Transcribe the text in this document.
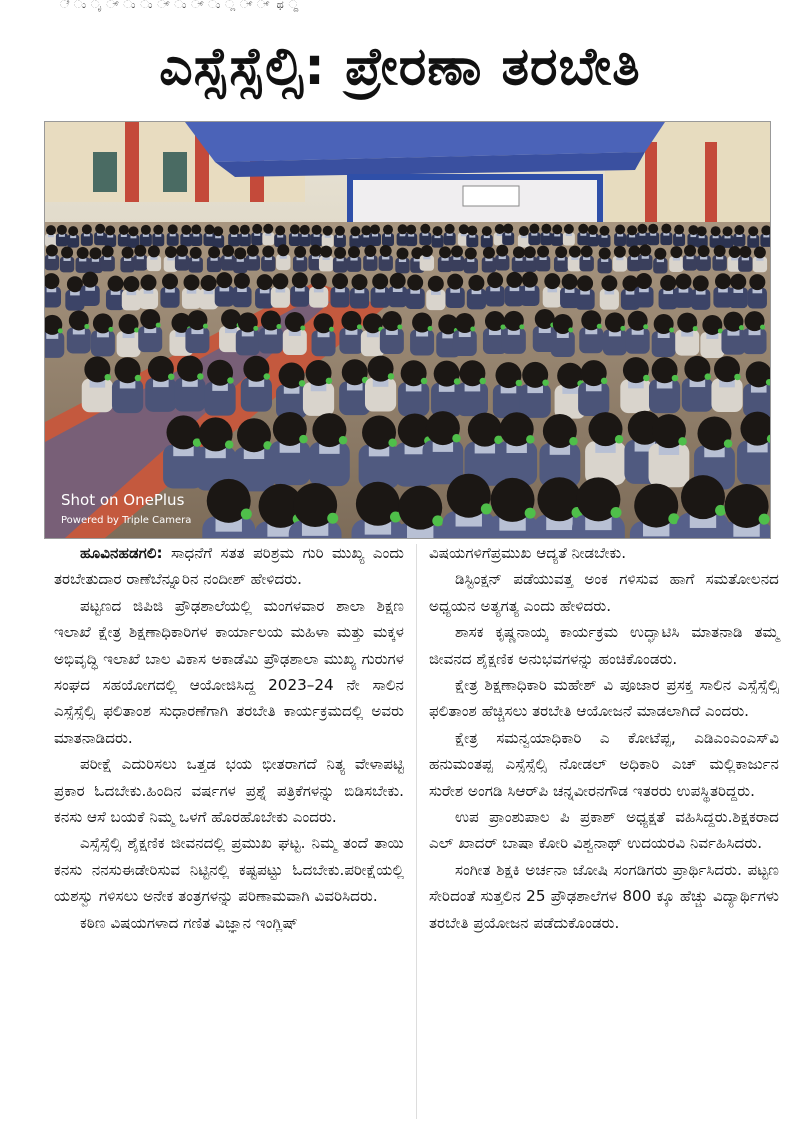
ೆ ು ೃ ್ ು ು ್ ು ್ ು ್ಲ ್ ್ ಥ ್ದ
ಎಸ್ಸೆಸ್ಸೆಲ್ಸಿ: ಪ್ರೇರಣಾ ತರಬೇತಿ
Shot on OnePlus
Powered by Triple Camera

ಹೂವಿನಹಡಗಲಿ: ಸಾಧನೆಗೆ ಸತತ ಪರಿಶ್ರಮ ಗುರಿ ಮುಖ್ಯ ಎಂದು ತರಬೇತುದಾರ ರಾಣೆಬೆನ್ನೂರಿನ ನಂದೀಶ್ ಹೇಳಿದರು.

ಪಟ್ಟಣದ ಜಿಪಿಜಿ ಪ್ರೌಢಶಾಲೆಯಲ್ಲಿ ಮಂಗಳವಾರ ಶಾಲಾ ಶಿಕ್ಷಣ ಇಲಾಖೆ ಕ್ಷೇತ್ರ ಶಿಕ್ಷಣಾಧಿಕಾರಿಗಳ ಕಾರ್ಯಾಲಯ ಮಹಿಳಾ ಮತ್ತು ಮಕ್ಕಳ ಅಭಿವೃದ್ಧಿ ಇಲಾಖೆ ಬಾಲ ವಿಕಾಸ ಅಕಾಡೆಮಿ ಪ್ರೌಢಶಾಲಾ ಮುಖ್ಯ ಗುರುಗಳ ಸಂಘದ ಸಹಯೋಗದಲ್ಲಿ ಆಯೋಜಿಸಿದ್ದ 2023–24 ನೇ ಸಾಲಿನ ಎಸ್ಸೆಸ್ಸೆಲ್ಸಿ ಫಲಿತಾಂಶ ಸುಧಾರಣೆಗಾಗಿ ತರಬೇತಿ ಕಾರ್ಯಕ್ರಮದಲ್ಲಿ ಅವರು ಮಾತನಾಡಿದರು.

ಪರೀಕ್ಷೆ ಎದುರಿಸಲು ಒತ್ತಡ ಭಯ ಭೀತರಾಗದೆ ನಿತ್ಯ ವೇಳಾಪಟ್ಟಿ ಪ್ರಕಾರ ಓದಬೇಕು.ಹಿಂದಿನ ವರ್ಷಗಳ ಪ್ರಶ್ನೆ ಪತ್ರಿಕೆಗಳನ್ನು ಬಿಡಿಸಬೇಕು. ಕನಸು ಆಸೆ ಬಯಕೆ ನಿಮ್ಮ ಒಳಗೆ ಹೊರಹೊಬೇಕು ಎಂದರು.

ಎಸ್ಸೆಸ್ಸೆಲ್ಸಿ ಶೈಕ್ಷಣಿಕ ಜೀವನದಲ್ಲಿ ಪ್ರಮುಖ ಘಟ್ಟ. ನಿಮ್ಮ ತಂದೆ ತಾಯಿ ಕನಸು ನನಸುಈಡೇರಿಸುವ ನಿಟ್ಟಿನಲ್ಲಿ ಕಷ್ಟಪಟ್ಟು ಓದಬೇಕು.ಪರೀಕ್ಷೆಯಲ್ಲಿ ಯಶಸ್ವು ಗಳಿಸಲು ಅನೇಕ ತಂತ್ರಗಳನ್ನು ಪರಿಣಾಮವಾಗಿ ವಿವರಿಸಿದರು.

ಕಠಿಣ ವಿಷಯಗಳಾದ ಗಣಿತ ವಿಜ್ಞಾನ ಇಂಗ್ಲಿಷ್

ವಿಷಯಗಳಿಗೆಪ್ರಮುಖ ಆದ್ಯತೆ ನೀಡಬೇಕು.

ಡಿಸ್ಟಿಂಕ್ಷನ್ ಪಡೆಯುವತ್ತ ಅಂಕ ಗಳಿಸುವ ಹಾಗೆ ಸಮತೋಲನದ ಅಧ್ಯಯನ ಅತ್ಯಗತ್ಯ ಎಂದು ಹೇಳಿದರು.

ಶಾಸಕ ಕೃಷ್ಣನಾಯ್ಕ ಕಾರ್ಯಕ್ರಮ ಉದ್ಘಾಟಿಸಿ ಮಾತನಾಡಿ ತಮ್ಮ ಜೀವನದ ಶೈಕ್ಷಣಿಕ ಅನುಭವಗಳನ್ನು ಹಂಚಿಕೊಂಡರು.

ಕ್ಷೇತ್ರ ಶಿಕ್ಷಣಾಧಿಕಾರಿ ಮಹೇಶ್ ವಿ ಪೂಜಾರ ಪ್ರಸಕ್ತ ಸಾಲಿನ ಎಸ್ಸೆಸ್ಸೆಲ್ಸಿ ಫಲಿತಾಂಶ ಹೆಚ್ಚಿಸಲು ತರಬೇತಿ ಆಯೋಜನೆ ಮಾಡಲಾಗಿದೆ ಎಂದರು.

ಕ್ಷೇತ್ರ ಸಮನ್ವಯಾಧಿಕಾರಿ ಎ ಕೋಟೆಪ್ಪ, ಎಡಿಎಂಎಂಎಸ್‌ವಿ ಹನುಮಂತಪ್ಪ ಎಸ್ಸೆಸ್ಸೆಲ್ಸಿ ನೋಡಲ್ ಅಧಿಕಾರಿ ಎಚ್ ಮಲ್ಲಿಕಾರ್ಜುನ ಸುರೇಶ ಅಂಗಡಿ ಸಿಆರ್‌ಪಿ ಚನ್ನವೀರನಗೌಡ ಇತರರು ಉಪಸ್ಥಿತರಿದ್ದರು.

ಉಪ ಪ್ರಾಂಶುಪಾಲ ಪಿ ಪ್ರಕಾಶ್ ಅಧ್ಯಕ್ಷತೆ ವಹಿಸಿದ್ದರು.ಶಿಕ್ಷಕರಾದ ಎಲ್ ಖಾದರ್ ಬಾಷಾ ಕೋರಿ ವಿಶ್ವನಾಥ್ ಉದಯರವಿ ನಿರ್ವಹಿಸಿದರು.

ಸಂಗೀತ ಶಿಕ್ಷಕಿ ಅರ್ಚನಾ ಜೋಷಿ ಸಂಗಡಿಗರು ಪ್ರಾರ್ಥಿಸಿದರು. ಪಟ್ಟಣ ಸೇರಿದಂತೆ ಸುತ್ತಲಿನ 25 ಪ್ರೌಢಶಾಲೆಗಳ 800 ಕ್ಕೂ ಹೆಚ್ಚು ವಿದ್ಯಾರ್ಥಿಗಳು ತರಬೇತಿ ಪ್ರಯೋಜನ ಪಡೆದುಕೊಂಡರು.
